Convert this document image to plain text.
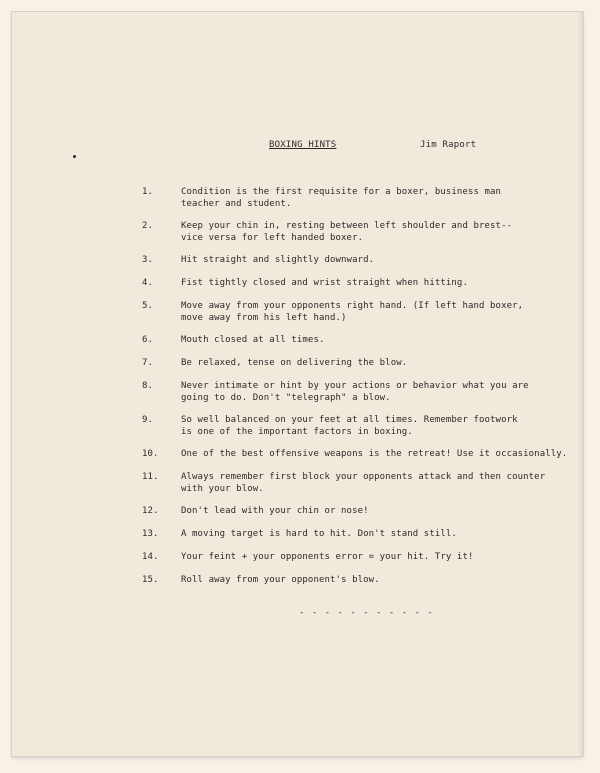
BOXING HINTS	Jim Raport
1.	Condition is the first requisite for a boxer, business man
teacher and student.
2.	Keep your chin in, resting between left shoulder and brest--
vice versa for left handed boxer.
3.	Hit straight and slightly downward.
4.	Fist tightly closed and wrist straight when hitting.
5.	Move away from your opponents right hand. (If left hand boxer,
move away from his left hand.)
6.	Mouth closed at all times.
7.	Be relaxed, tense on delivering the blow.
8.	Never intimate or hint by your actions or behavior what you are
going to do. Don't "telegraph" a blow.
9.	So well balanced on your feet at all times. Remember footwork
is one of the important factors in boxing.
10.	One of the best offensive weapons is the retreat! Use it occasionally.
11.	Always remember first block your opponents attack and then counter
with your blow.
12.	Don't lead with your chin or nose!
13.	A moving target is hard to hit. Don't stand still.
14.	Your feint + your opponents error = your hit. Try it!
15.	Roll away from your opponent's blow.
- - - - - - - - - - -
